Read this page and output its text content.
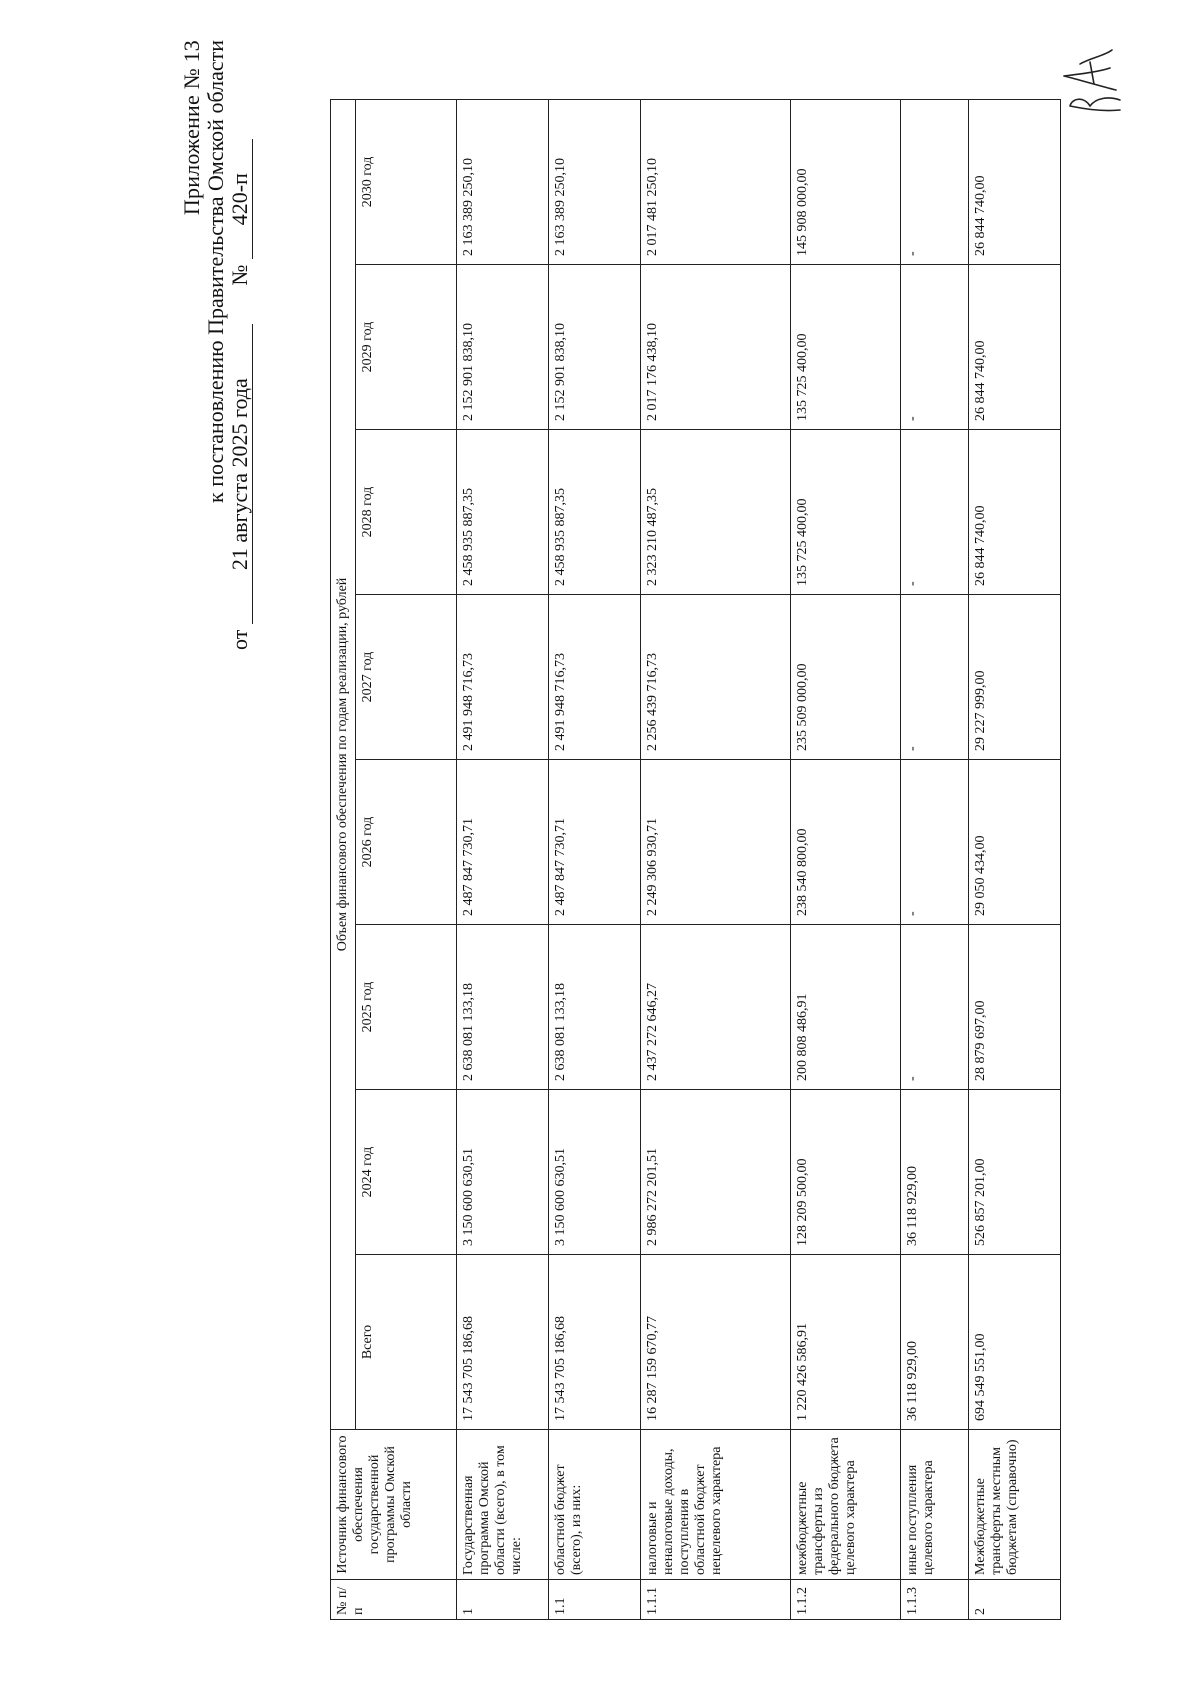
Приложение № 13 к постановлению Правительства Омской области
от 21 августа 2025 года       № 420-п
№ п/п	Источник финансового обеспечения государственной программы Омской области	Объем финансового обеспечения по годам реализации, рублей							
		Всего	2024 год	2025 год	2026 год	2027 год	2028 год	2029 год	2030 год
1	Государственная программа Омской области (всего), в том числе:	17 543 705 186,68	3 150 600 630,51	2 638 081 133,18	2 487 847 730,71	2 491 948 716,73	2 458 935 887,35	2 152 901 838,10	2 163 389 250,10
1.1	областной бюджет (всего), из них:	17 543 705 186,68	3 150 600 630,51	2 638 081 133,18	2 487 847 730,71	2 491 948 716,73	2 458 935 887,35	2 152 901 838,10	2 163 389 250,10
1.1.1	налоговые и неналоговые доходы, поступления в областной бюджет нецелевого характера	16 287 159 670,77	2 986 272 201,51	2 437 272 646,27	2 249 306 930,71	2 256 439 716,73	2 323 210 487,35	2 017 176 438,10	2 017 481 250,10
1.1.2	межбюджетные трансферты из федерального бюджета целевого характера	1 220 426 586,91	128 209 500,00	200 808 486,91	238 540 800,00	235 509 000,00	135 725 400,00	135 725 400,00	145 908 000,00
1.1.3	иные поступления целевого характера	36 118 929,00	36 118 929,00	-	-	-	-	-	-
2	Межбюджетные трансферты местным бюджетам (справочно)	694 549 551,00	526 857 201,00	28 879 697,00	29 050 434,00	29 227 999,00	26 844 740,00	26 844 740,00	26 844 740,00
